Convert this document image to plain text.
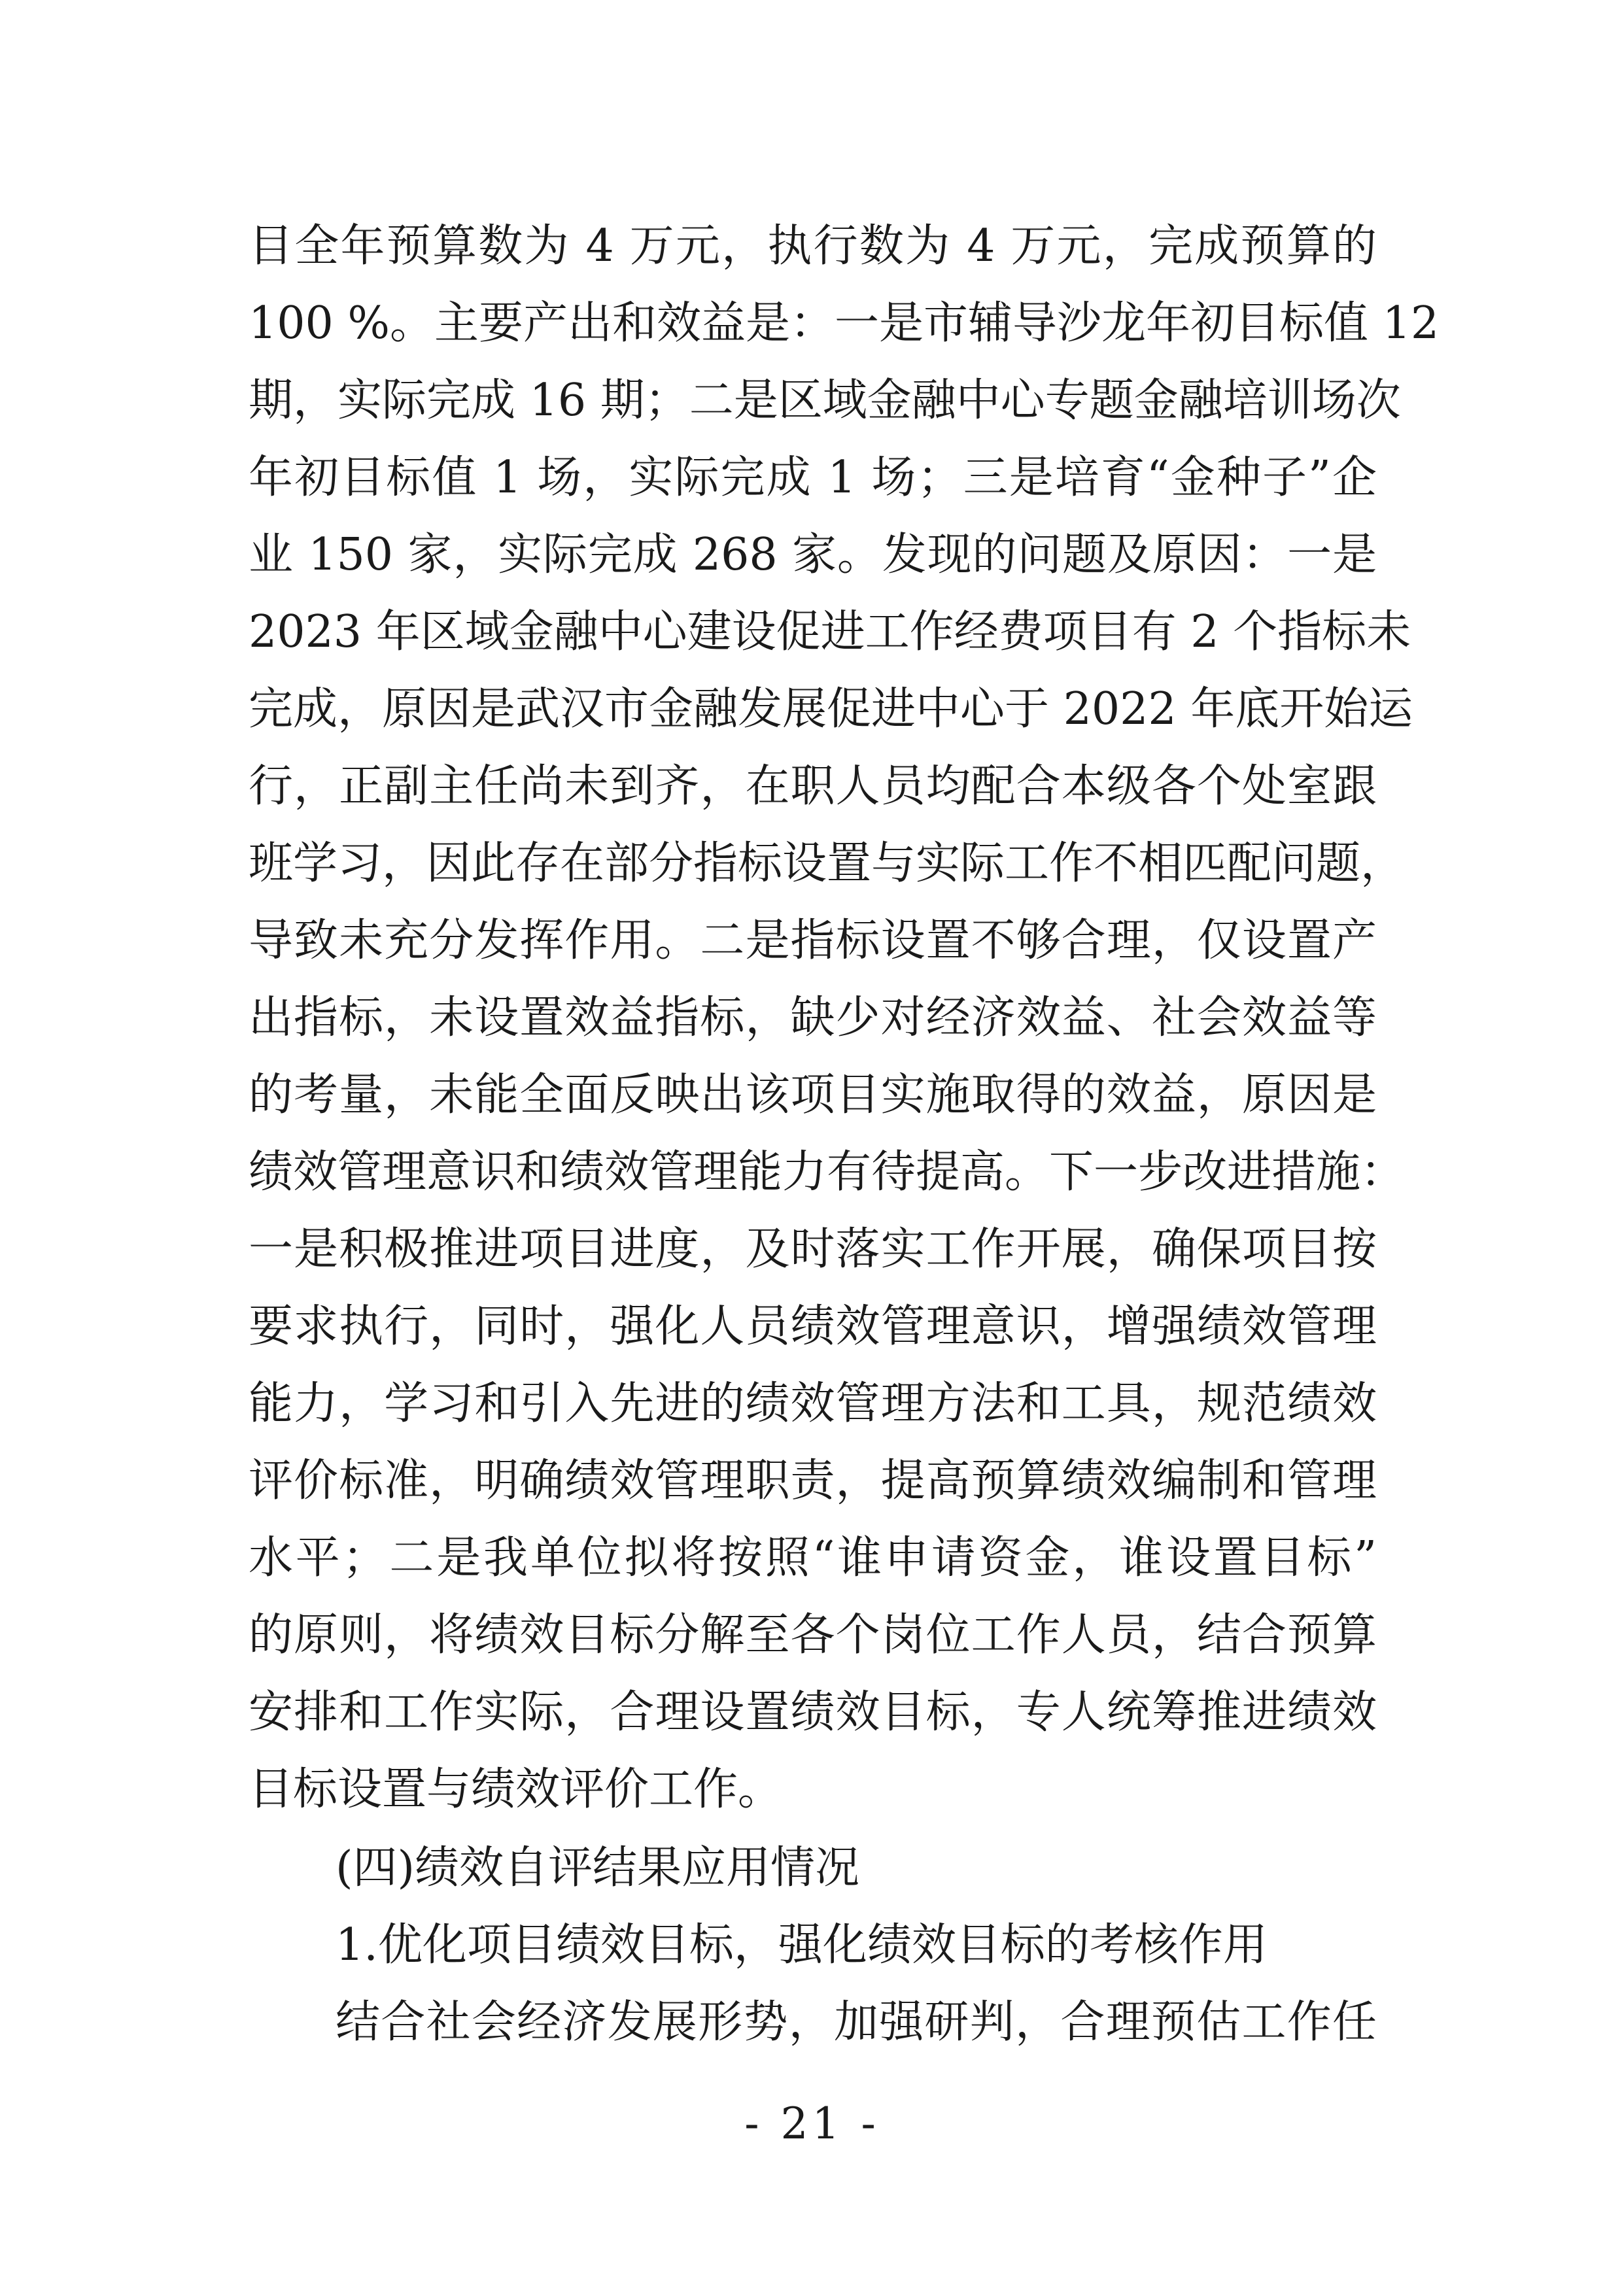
目全年预算数为 4 万元，执行数为 4 万元，完成预算的
100 %。主要产出和效益是：一是市辅导沙龙年初目标值 12
期，实际完成 16 期；二是区域金融中心专题金融培训场次
年初目标值 1 场，实际完成 1 场；三是培育“金种子”企
业 150 家，实际完成 268 家。发现的问题及原因：一是
2023 年区域金融中心建设促进工作经费项目有 2 个指标未
完成，原因是武汉市金融发展促进中心于 2022 年底开始运
行，正副主任尚未到齐，在职人员均配合本级各个处室跟
班学习，因此存在部分指标设置与实际工作不相匹配问题，
导致未充分发挥作用。二是指标设置不够合理，仅设置产
出指标，未设置效益指标，缺少对经济效益、社会效益等
的考量，未能全面反映出该项目实施取得的效益，原因是
绩效管理意识和绩效管理能力有待提高。下一步改进措施：
一是积极推进项目进度，及时落实工作开展，确保项目按
要求执行，同时，强化人员绩效管理意识，增强绩效管理
能力，学习和引入先进的绩效管理方法和工具，规范绩效
评价标准，明确绩效管理职责，提高预算绩效编制和管理
水平；二是我单位拟将按照“谁申请资金，谁设置目标”
的原则，将绩效目标分解至各个岗位工作人员，结合预算
安排和工作实际，合理设置绩效目标，专人统筹推进绩效
目标设置与绩效评价工作。
(四)绩效自评结果应用情况
1.优化项目绩效目标，强化绩效目标的考核作用
结合社会经济发展形势，加强研判，合理预估工作任
- 21 -
